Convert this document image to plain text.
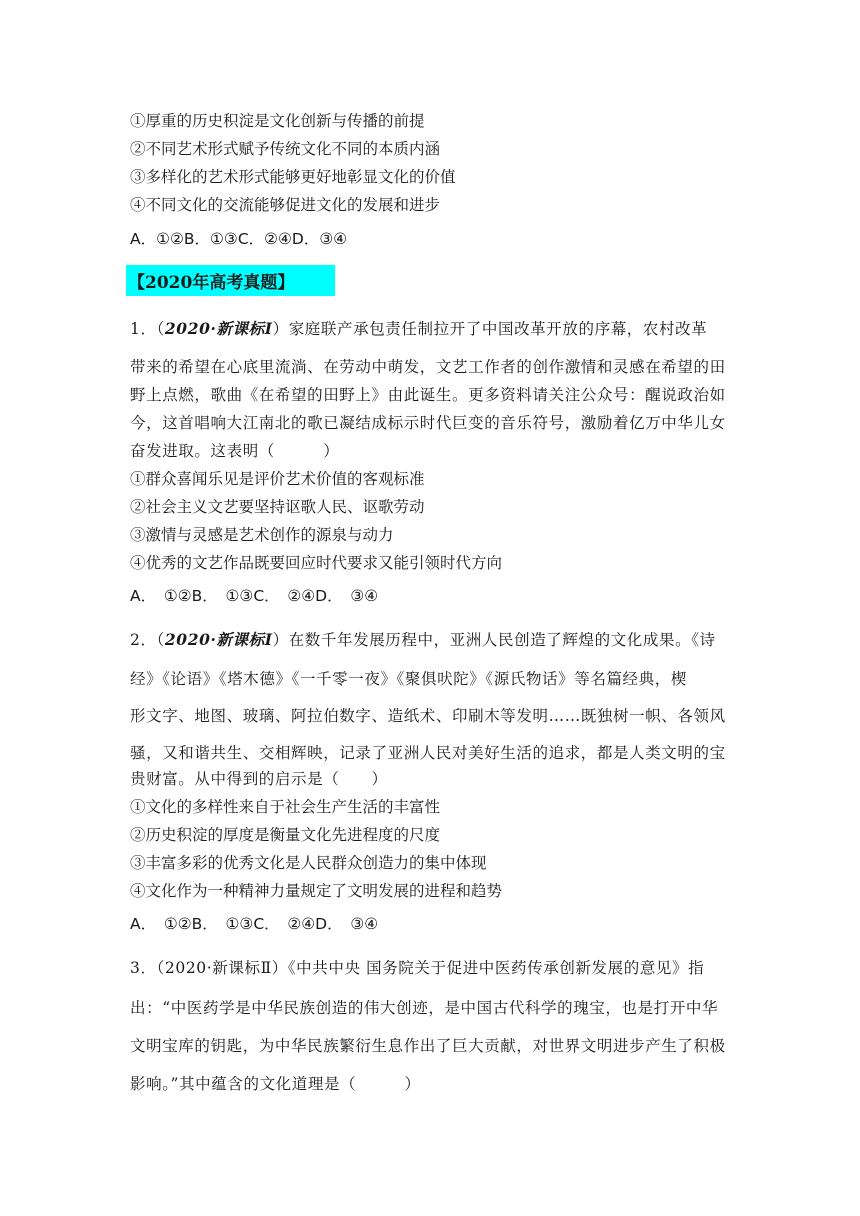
①厚重的历史积淀是文化创新与传播的前提
②不同艺术形式赋予传统文化不同的本质内涵
③多样化的艺术形式能够更好地彰显文化的价值
④不同文化的交流能够促进文化的发展和进步
A．①②B．①③C．②④D．③④
【2020年高考真题】
1．（2020·新课标Ⅰ）家庭联产承包责任制拉开了中国改革开放的序幕，农村改革
带来的希望在心底里流淌、在劳动中萌发，文艺工作者的创作激情和灵感在希望的田
野上点燃，歌曲《在希望的田野上》由此诞生。更多资料请关注公众号：醒说政治如
今，这首唱响大江南北的歌已凝结成标示时代巨变的音乐符号，激励着亿万中华儿女
奋发进取。这表明（　　　）
①群众喜闻乐见是评价艺术价值的客观标准
②社会主义文艺要坚持讴歌人民、讴歌劳动
③激情与灵感是艺术创作的源泉与动力
④优秀的文艺作品既要回应时代要求又能引领时代方向
A．　①②B．　①③C．　②④D．　③④
2．（2020·新课标Ⅰ）在数千年发展历程中，亚洲人民创造了辉煌的文化成果。《诗
经》《论语》《塔木德》《一千零一夜》《聚俱吠陀》《源氏物话》等名篇经典，楔
形文字、地图、玻璃、阿拉伯数字、造纸术、印刷木等发明……既独树一帜、各领风
骚，又和谐共生、交相辉映，记录了亚洲人民对美好生活的追求，都是人类文明的宝
贵财富。从中得到的启示是（　　）
①文化的多样性来自于社会生产生活的丰富性
②历史积淀的厚度是衡量文化先进程度的尺度
③丰富多彩的优秀文化是人民群众创造力的集中体现
④文化作为一种精神力量规定了文明发展的进程和趋势
A．　①②B．　①③C．　②④D．　③④
3．（2020·新课标Ⅱ）《中共中央 国务院关于促进中医药传承创新发展的意见》指
出：“中医药学是中华民族创造的伟大创迹，是中国古代科学的瑰宝，也是打开中华
文明宝库的钥匙，为中华民族繁衍生息作出了巨大贡献，对世界文明进步产生了积极
影响。”其中蕴含的文化道理是（　　　）
